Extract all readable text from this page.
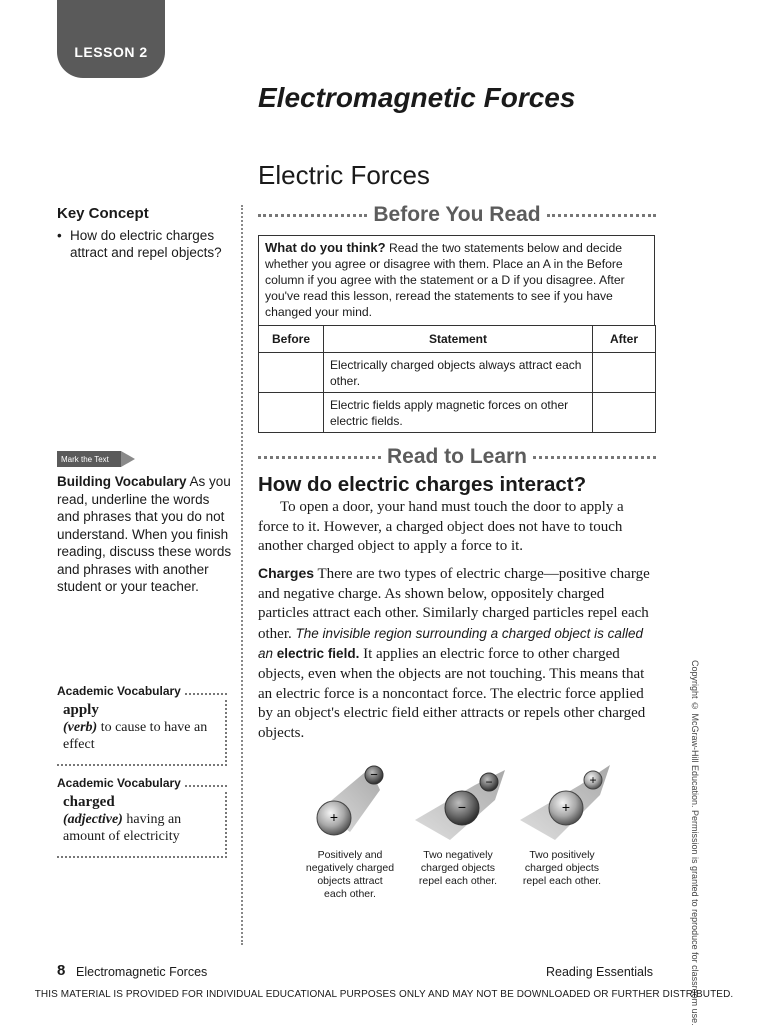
LESSON 2
Electromagnetic Forces
Electric Forces
Key Concept
• How do electric charges attract and repel objects?
Before You Read
What do you think? Read the two statements below and decide whether you agree or disagree with them. Place an A in the Before column if you agree with the statement or a D if you disagree. After you've read this lesson, reread the statements to see if you have changed your mind.
Before	Statement	After
	Electrically charged objects always attract each other.	
	Electric fields apply magnetic forces on other electric fields.	
Mark the Text
Building Vocabulary As you read, underline the words and phrases that you do not understand. When you finish reading, discuss these words and phrases with another student or your teacher.
Read to Learn
How do electric charges interact?
To open a door, your hand must touch the door to apply a force to it. However, a charged object does not have to touch another charged object to apply a force to it.
Charges There are two types of electric charge—positive charge and negative charge. As shown below, oppositely charged particles attract each other. Similarly charged particles repel each other. The invisible region surrounding a charged object is called an electric field. It applies an electric force to other charged objects, even when the objects are not touching. This means that an electric force is a noncontact force. The electric force applied by an object's electric field either attracts or repels other charged objects.
Academic Vocabulary
apply
(verb) to cause to have an effect
Academic Vocabulary
charged
(adjective) having an amount of electricity
+
−
−
−
+
+
Positively and negatively charged objects attract each other.
Two negatively charged objects repel each other.
Two positively charged objects repel each other.	Copyright © McGraw-Hill Education. Permission is granted to reproduce for classroom use.
8 Electromagnetic Forces	Reading Essentials
THIS MATERIAL IS PROVIDED FOR INDIVIDUAL EDUCATIONAL PURPOSES ONLY AND MAY NOT BE DOWNLOADED OR FURTHER DISTRIBUTED.
